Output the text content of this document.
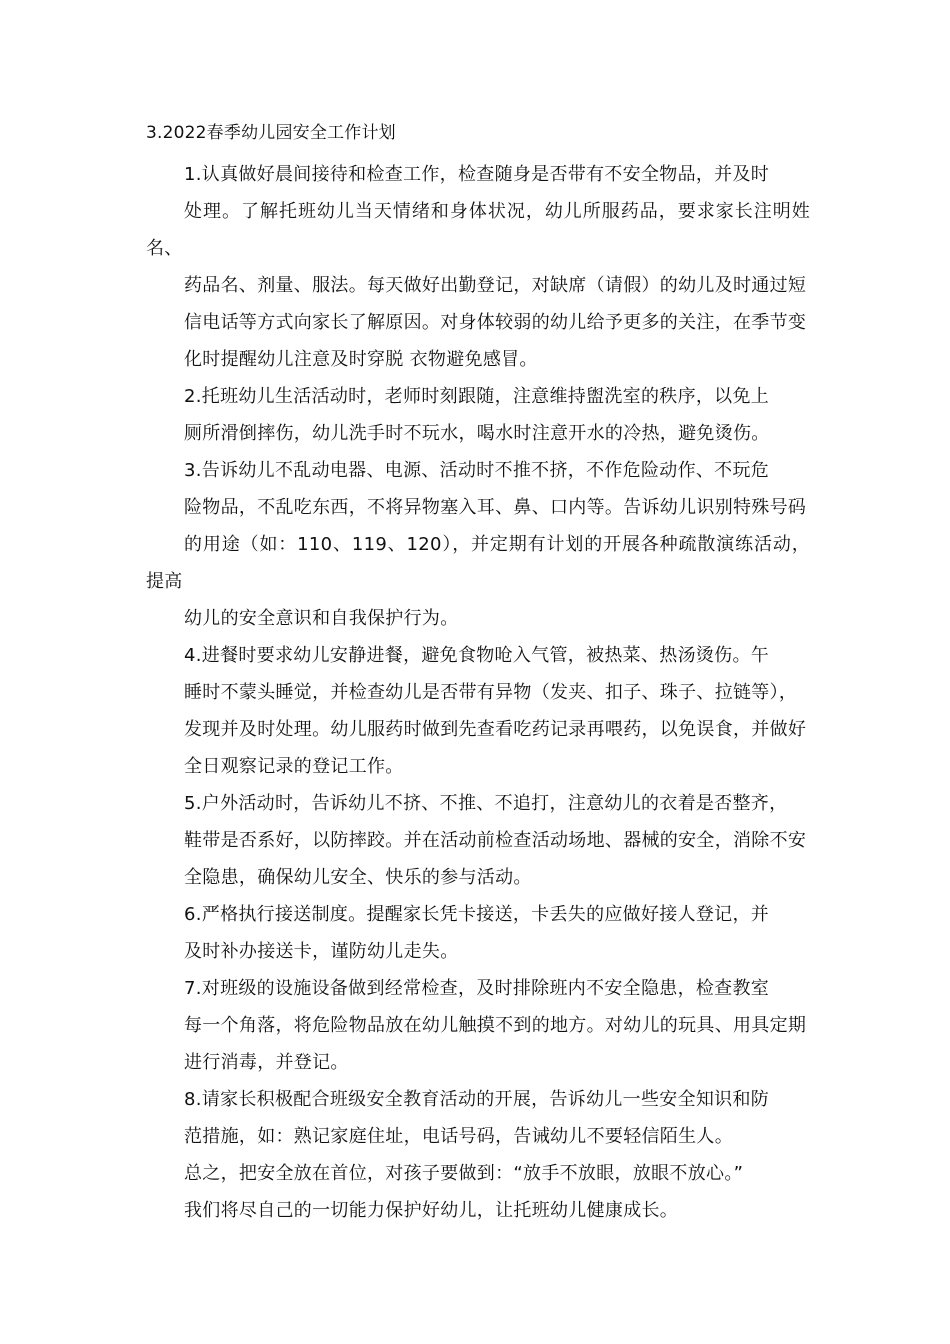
3.2022春季幼儿园安全工作计划

1.认真做好晨间接待和检查工作，检查随身是否带有不安全物品，并及时
处理。了解托班幼儿当天情绪和身体状况，幼儿所服药品，要求家长注明姓名、
药品名、剂量、服法。每天做好出勤登记，对缺席（请假）的幼儿及时通过短
信电话等方式向家长了解原因。对身体较弱的幼儿给予更多的关注，在季节变
化时提醒幼儿注意及时穿脱 衣物避免感冒。

2.托班幼儿生活活动时，老师时刻跟随，注意维持盥洗室的秩序，以免上
厕所滑倒摔伤，幼儿洗手时不玩水，喝水时注意开水的冷热，避免烫伤。

3.告诉幼儿不乱动电器、电源、活动时不推不挤，不作危险动作、不玩危
险物品，不乱吃东西，不将异物塞入耳、鼻、口内等。告诉幼儿识别特殊号码
的用途（如：110、119、120），并定期有计划的开展各种疏散演练活动，提高
幼儿的安全意识和自我保护行为。

4.进餐时要求幼儿安静进餐，避免食物呛入气管，被热菜、热汤烫伤。午
睡时不蒙头睡觉，并检查幼儿是否带有异物（发夹、扣子、珠子、拉链等），
发现并及时处理。幼儿服药时做到先查看吃药记录再喂药，以免误食，并做好
全日观察记录的登记工作。

5.户外活动时，告诉幼儿不挤、不推、不追打，注意幼儿的衣着是否整齐，
鞋带是否系好，以防摔跤。并在活动前检查活动场地、器械的安全，消除不安
全隐患，确保幼儿安全、快乐的参与活动。

6.严格执行接送制度。提醒家长凭卡接送，卡丢失的应做好接人登记，并
及时补办接送卡，谨防幼儿走失。

7.对班级的设施设备做到经常检查，及时排除班内不安全隐患，检查教室
每一个角落，将危险物品放在幼儿触摸不到的地方。对幼儿的玩具、用具定期
进行消毒，并登记。

8.请家长积极配合班级安全教育活动的开展，告诉幼儿一些安全知识和防
范措施，如：熟记家庭住址，电话号码，告诫幼儿不要轻信陌生人。

总之，把安全放在首位，对孩子要做到：“放手不放眼，放眼不放心。”
我们将尽自己的一切能力保护好幼儿，让托班幼儿健康成长。
